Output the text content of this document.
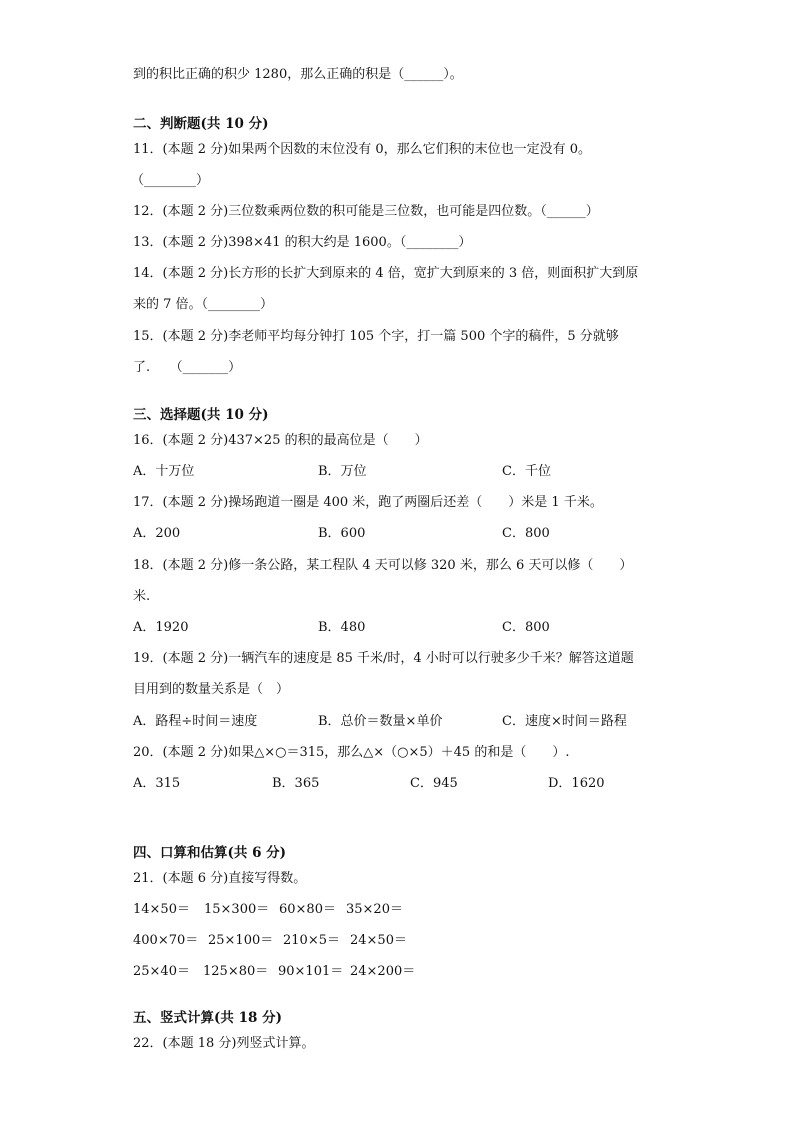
到的积比正确的积少 1280，那么正确的积是（______）。
二、判断题(共 10 分)
11．(本题 2 分)如果两个因数的末位没有 0，那么它们积的末位也一定没有 0。
（________）
12．(本题 2 分)三位数乘两位数的积可能是三位数，也可能是四位数。（______）
13．(本题 2 分)398×41 的积大约是 1600。（________）
14．(本题 2 分)长方形的长扩大到原来的 4 倍，宽扩大到原来的 3 倍，则面积扩大到原
来的 7 倍。（________）
15．(本题 2 分)李老师平均每分钟打 105 个字，打一篇 500 个字的稿件，5 分就够
了.　　（_______）
三、选择题(共 10 分)
16．(本题 2 分)437×25 的积的最高位是（　　）
A．十万位	B．万位	C．千位
17．(本题 2 分)操场跑道一圈是 400 米，跑了两圈后还差（　　）米是 1 千米。
A．200	B．600	C．800
18．(本题 2 分)修一条公路，某工程队 4 天可以修 320 米，那么 6 天可以修（　　）
米.
A．1920	B．480	C．800
19．(本题 2 分)一辆汽车的速度是 85 千米/时，4 小时可以行驶多少千米？解答这道题
目用到的数量关系是（　）
A．路程÷时间＝速度	B．总价＝数量×单价	C．速度×时间＝路程
20．(本题 2 分)如果△×○＝315，那么△×（○×5）＋45 的和是（　　）.
A．315	B．365	C．945	D．1620
四、口算和估算(共 6 分)
21．(本题 6 分)直接写得数。
14×50＝ 15×300＝ 60×80＝ 35×20＝
400×70＝ 25×100＝ 210×5＝ 24×50＝
25×40＝ 125×80＝ 90×101＝ 24×200＝
五、竖式计算(共 18 分)
22．(本题 18 分)列竖式计算。
